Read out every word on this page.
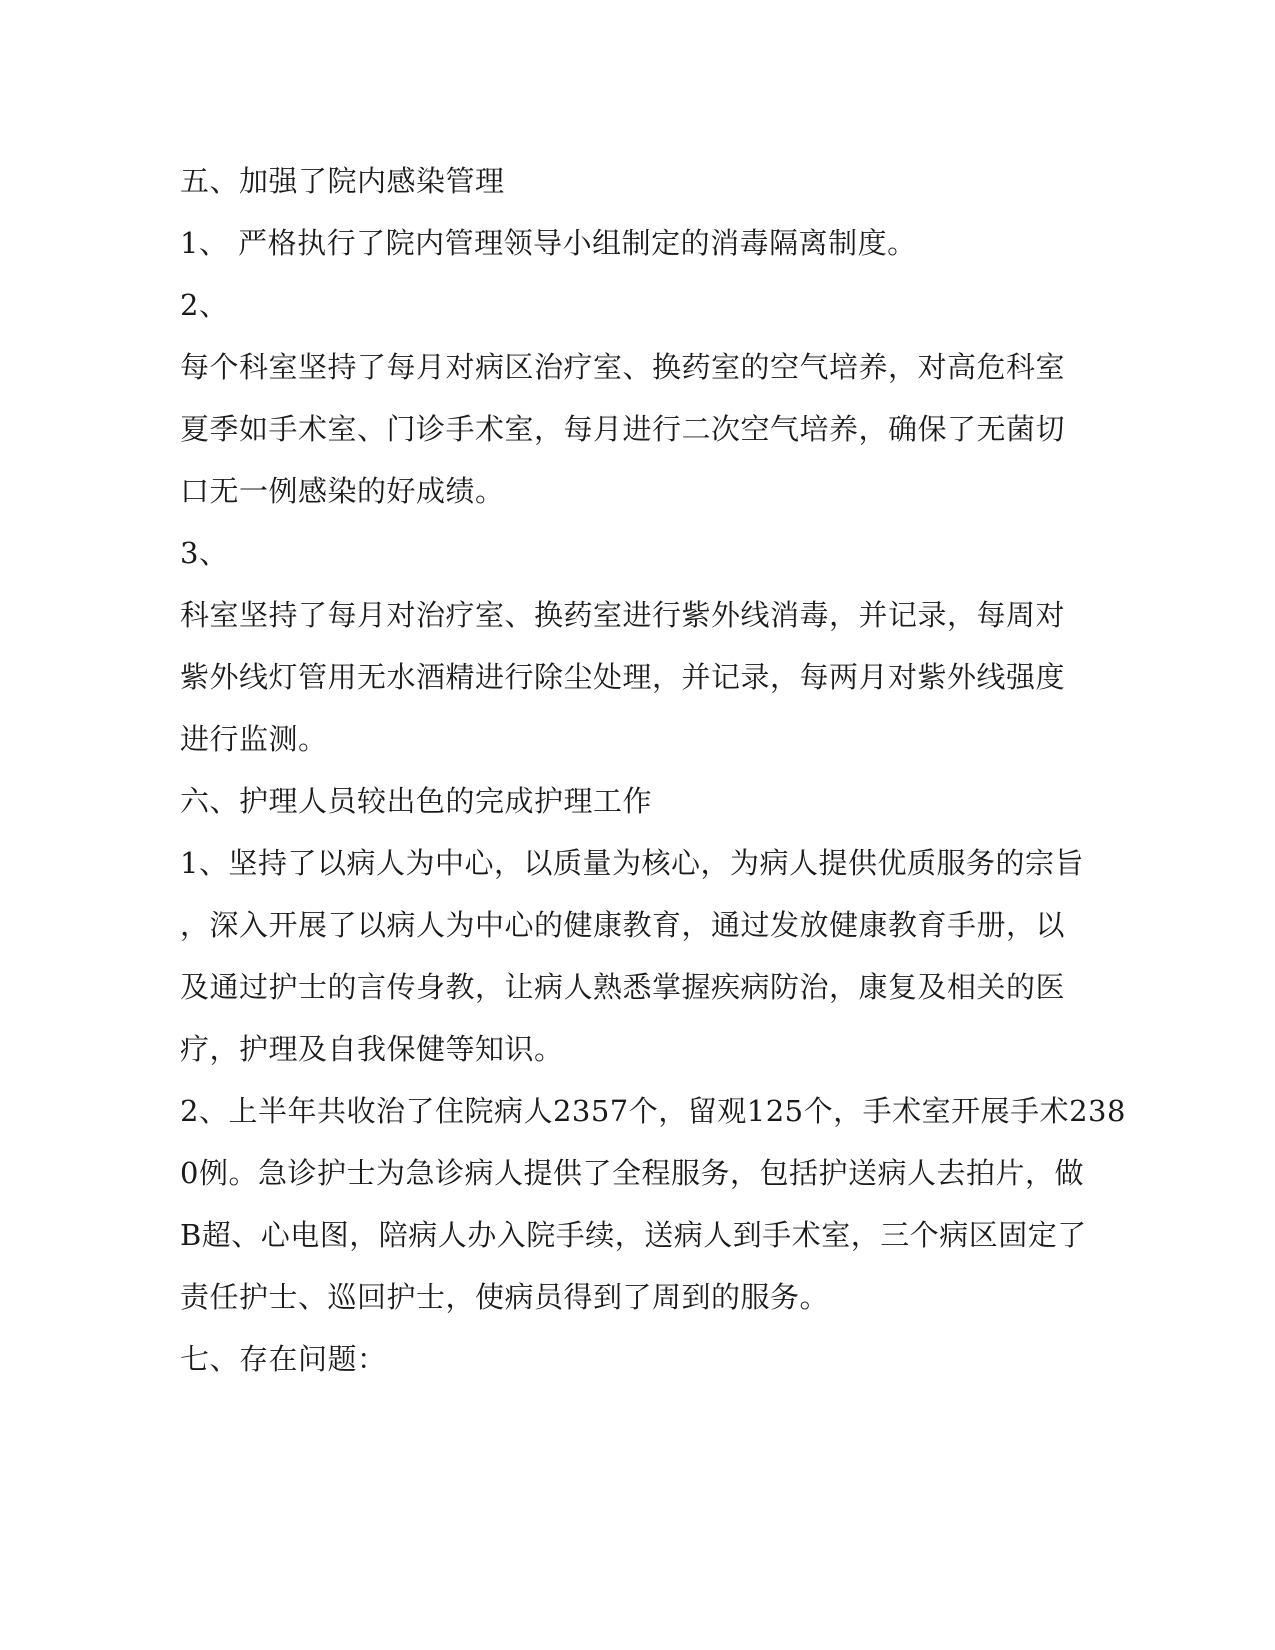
五、加强了院内感染管理
1、 严格执行了院内管理领导小组制定的消毒隔离制度。
2、
每个科室坚持了每月对病区治疗室、换药室的空气培养，对高危科室
夏季如手术室、门诊手术室，每月进行二次空气培养，确保了无菌切
口无一例感染的好成绩。
3、
科室坚持了每月对治疗室、换药室进行紫外线消毒，并记录，每周对
紫外线灯管用无水酒精进行除尘处理，并记录，每两月对紫外线强度
进行监测。
六、护理人员较出色的完成护理工作
1、坚持了以病人为中心，以质量为核心，为病人提供优质服务的宗旨
，深入开展了以病人为中心的健康教育，通过发放健康教育手册，以
及通过护士的言传身教，让病人熟悉掌握疾病防治，康复及相关的医
疗，护理及自我保健等知识。
2、上半年共收治了住院病人2357个，留观125个，手术室开展手术238
0例。急诊护士为急诊病人提供了全程服务，包括护送病人去拍片，做
B超、心电图，陪病人办入院手续，送病人到手术室，三个病区固定了
责任护士、巡回护士，使病员得到了周到的服务。
七、存在问题：
